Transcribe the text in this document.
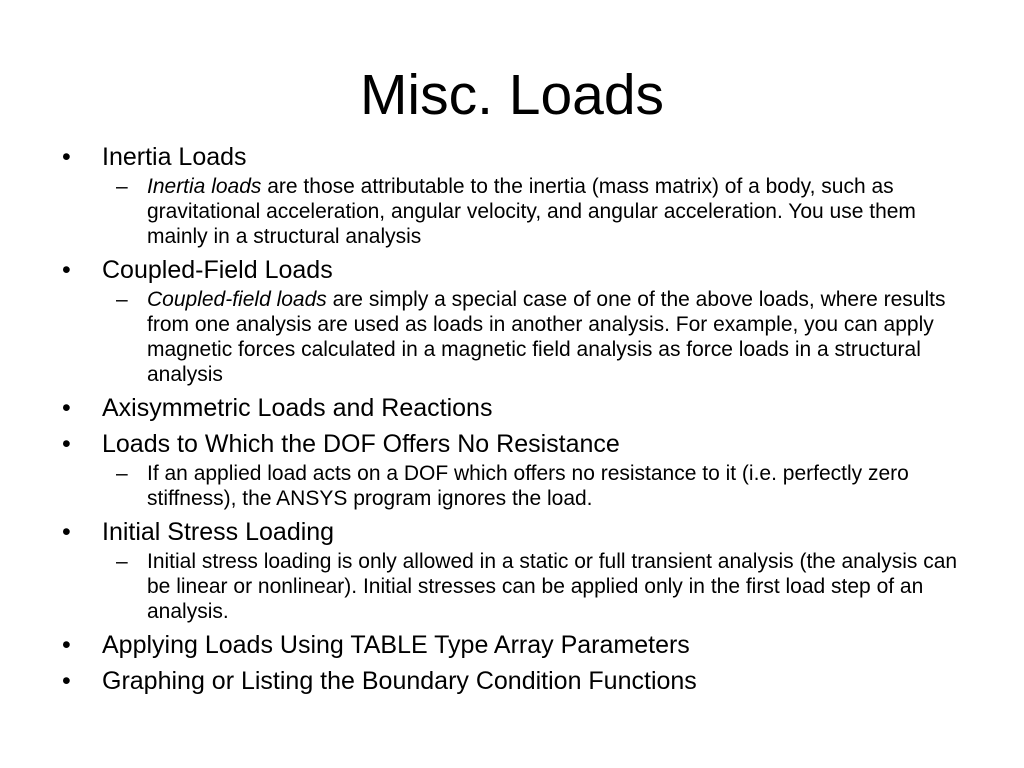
Misc. Loads
•	Inertia Loads
– Inertia loads are those attributable to the inertia (mass matrix) of a body, such as gravitational acceleration, angular velocity, and angular acceleration. You use them mainly in a structural analysis
•	Coupled-Field Loads
– Coupled-field loads are simply a special case of one of the above loads, where results from one analysis are used as loads in another analysis. For example, you can apply magnetic forces calculated in a magnetic field analysis as force loads in a structural analysis
•	Axisymmetric Loads and Reactions
•	Loads to Which the DOF Offers No Resistance
– If an applied load acts on a DOF which offers no resistance to it (i.e. perfectly zero stiffness), the ANSYS program ignores the load.
•	Initial Stress Loading
– Initial stress loading is only allowed in a static or full transient analysis (the analysis can be linear or nonlinear). Initial stresses can be applied only in the first load step of an analysis.
•	Applying Loads Using TABLE Type Array Parameters
•	Graphing or Listing the Boundary Condition Functions
